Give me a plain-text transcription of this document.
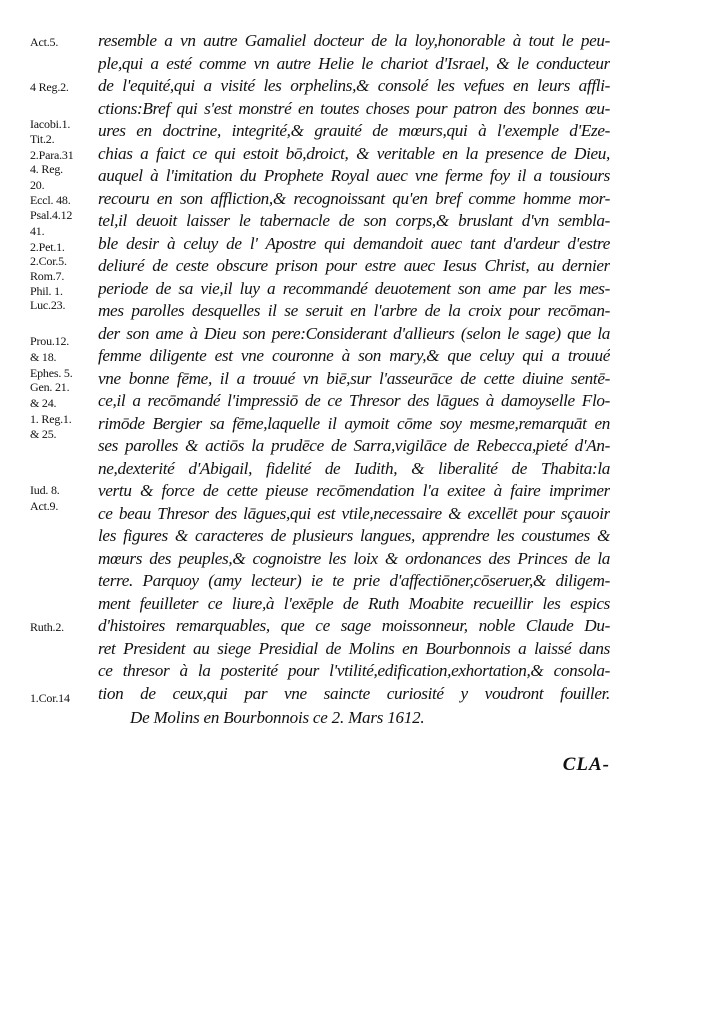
Act.5.
4 Reg.2.
Iacobi.1.
Tit.2.
2.Para.31
4. Reg.
20.
Eccl. 48.
Psal.4.12
41.
2.Pet.1.
2.Cor.5.
Rom.7.
Phil. 1.
Luc.23.
Prou.12.
& 18.
Ephes. 5.
Gen. 21.
& 24.
1. Reg.1.
& 25.
Iud. 8.
Act.9.
Ruth.2.
1.Cor.14
resemble a vn autre Gamaliel docteur de la loy,honorable à tout le peu-
ple,qui a esté comme vn autre Helie le chariot d'Israel, & le conducteur
de l'equité,qui a visité les orphelins,& consolé les vefues en leurs affli-
ctions:Bref qui s'est monstré en toutes choses pour patron des bonnes œu-
ures en doctrine, integrité,& grauité de mœurs,qui à l'exemple d'Eze-
chias a faict ce qui estoit bō,droict, & veritable en la presence de Dieu,
auquel à l'imitation du Prophete Royal auec vne ferme foy il a tousiours
recouru en son affliction,& recognoissant qu'en bref comme homme mor-
tel,il deuoit laisser le tabernacle de son corps,& bruslant d'vn sembla-
ble desir à celuy de l' Apostre qui demandoit auec tant d'ardeur d'estre
deliuré de ceste obscure prison pour estre auec Iesus Christ, au dernier
periode de sa vie,il luy a recommandé deuotement son ame par les mes-
mes parolles desquelles il se seruit en l'arbre de la croix pour recōman-
der son ame à Dieu son pere:Considerant d'allieurs (selon le sage) que la
femme diligente est vne couronne à son mary,& que celuy qui a trouué
vne bonne fēme, il a trouué vn biē,sur l'asseurāce de cette diuine sentē-
ce,il a recōmandé l'impressiō de ce Thresor des lāgues à damoyselle Flo-
rimōde Bergier sa fēme,laquelle il aymoit cōme soy mesme,remarquāt en
ses parolles & actiōs la prudēce de Sarra,vigilāce de Rebecca,pieté d'An-
ne,dexterité d'Abigail, fidelité de Iudith, & liberalité de Thabita:la
vertu & force de cette pieuse recōmendation l'a exitee à faire imprimer
ce beau Thresor des lāgues,qui est vtile,necessaire & excellēt pour sçauoir
les figures & caracteres de plusieurs langues, apprendre les coustumes &
mœurs des peuples,& cognoistre les loix & ordonances des Princes de la
terre. Parquoy (amy lecteur) ie te prie d'affectiōner,cōseruer,& diligem-
ment feuilleter ce liure,à l'exēple de Ruth Moabite recueillir les espics
d'histoires remarquables, que ce sage moissonneur, noble Claude Du-
ret President au siege Presidial de Molins en Bourbonnois a laissé dans
ce thresor à la posterité pour l'vtilité,edification,exhortation,& consola-
tion de ceux,qui par vne saincte curiosité y voudront fouiller.
De Molins en Bourbonnois ce 2. Mars 1612.
CLA-
